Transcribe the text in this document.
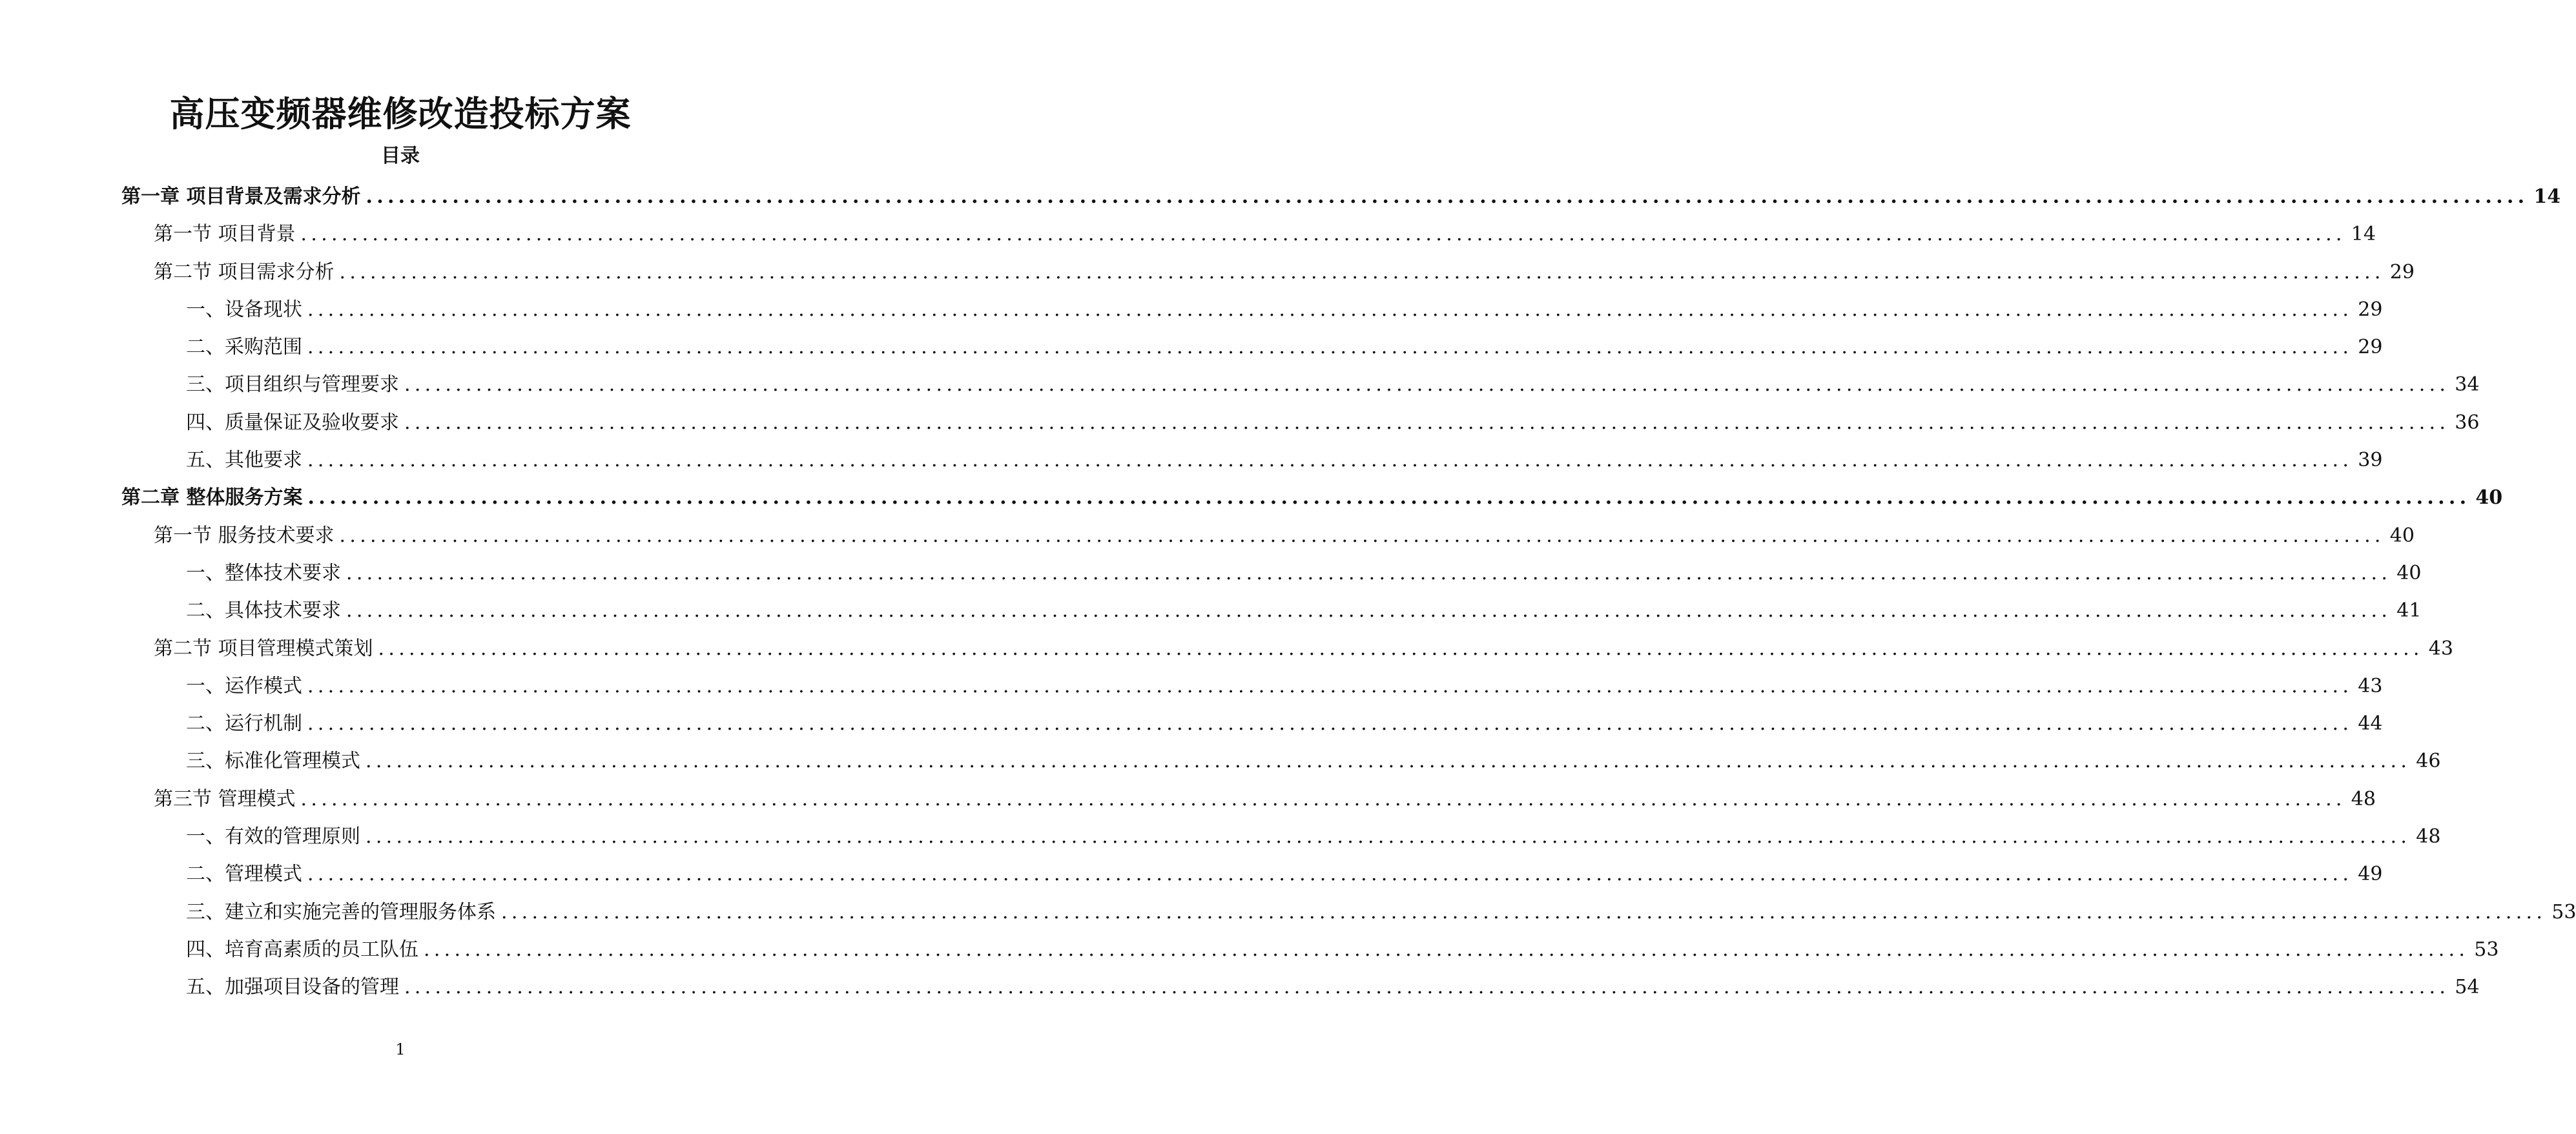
高压变频器维修改造投标方案
目录
第一章 项目背景及需求分析 ........................................................................................................................................................................................................ 14
第一节 项目背景 ........................................................................................................................................................................................................ 14
第二节 项目需求分析 ........................................................................................................................................................................................................ 29
一、设备现状 ........................................................................................................................................................................................................ 29
二、采购范围 ........................................................................................................................................................................................................ 29
三、项目组织与管理要求 ........................................................................................................................................................................................................ 34
四、质量保证及验收要求 ........................................................................................................................................................................................................ 36
五、其他要求 ........................................................................................................................................................................................................ 39
第二章 整体服务方案 ........................................................................................................................................................................................................ 40
第一节 服务技术要求 ........................................................................................................................................................................................................ 40
一、整体技术要求 ........................................................................................................................................................................................................ 40
二、具体技术要求 ........................................................................................................................................................................................................ 41
第二节 项目管理模式策划 ........................................................................................................................................................................................................ 43
一、运作模式 ........................................................................................................................................................................................................ 43
二、运行机制 ........................................................................................................................................................................................................ 44
三、标准化管理模式 ........................................................................................................................................................................................................ 46
第三节 管理模式 ........................................................................................................................................................................................................ 48
一、有效的管理原则 ........................................................................................................................................................................................................ 48
二、管理模式 ........................................................................................................................................................................................................ 49
三、建立和实施完善的管理服务体系 ........................................................................................................................................................................................................ 53
四、培育高素质的员工队伍 ........................................................................................................................................................................................................ 53
五、加强项目设备的管理 ........................................................................................................................................................................................................ 54
1
